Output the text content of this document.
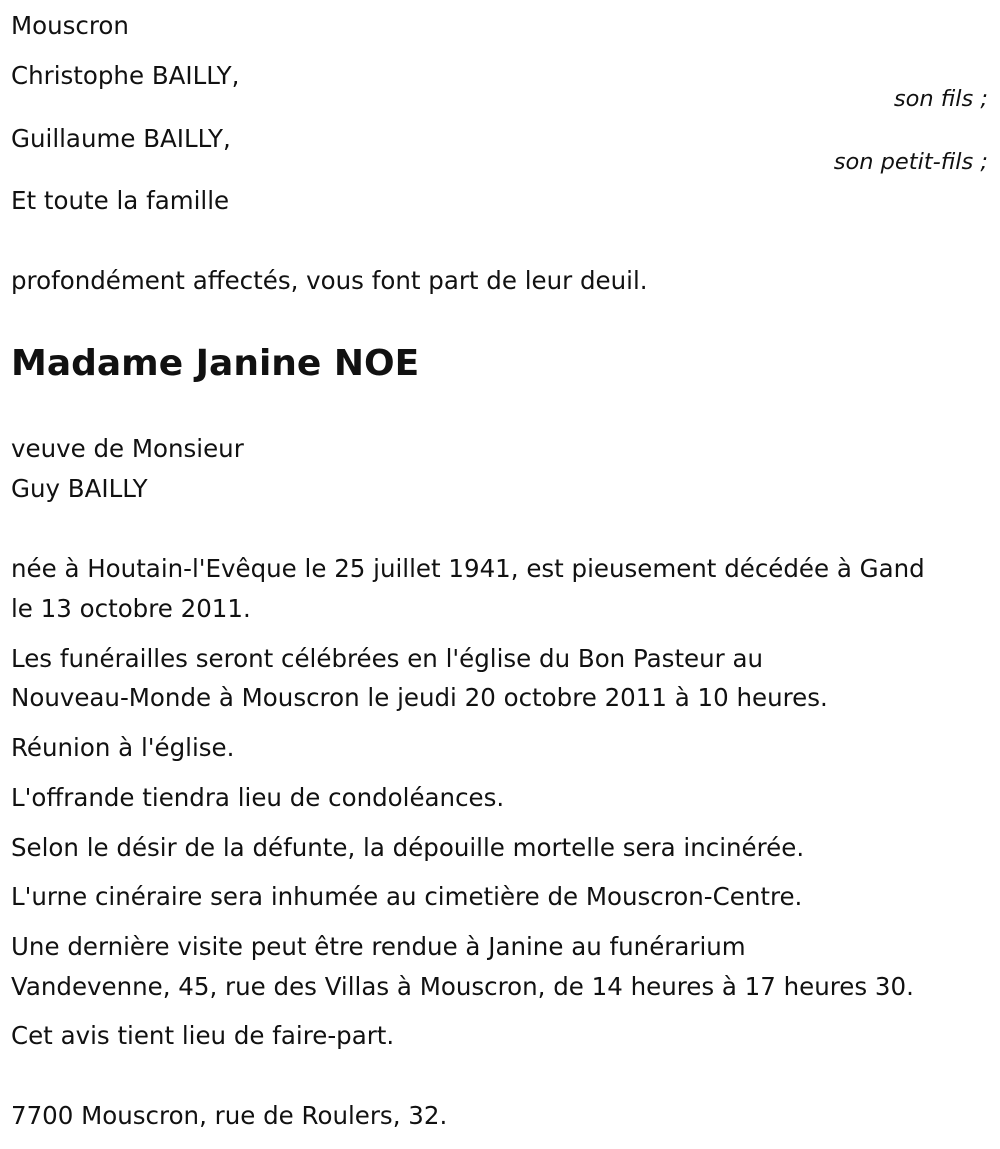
Mouscron

Christophe BAILLY,

son fils ;

Guillaume BAILLY,

son petit-fils ;

Et toute la famille

profondément affectés, vous font part de leur deuil.

Madame Janine NOE

veuve de Monsieur

Guy BAILLY

née à Houtain-l'Evêque le 25 juillet 1941, est pieusement décédée à Gand

le 13 octobre 2011.

Les funérailles seront célébrées en l'église du Bon Pasteur au

Nouveau-Monde à Mouscron le jeudi 20 octobre 2011 à 10 heures.

Réunion à l'église.

L'offrande tiendra lieu de condoléances.

Selon le désir de la défunte, la dépouille mortelle sera incinérée.

L'urne cinéraire sera inhumée au cimetière de Mouscron-Centre.

Une dernière visite peut être rendue à Janine au funérarium

Vandevenne, 45, rue des Villas à Mouscron, de 14 heures à 17 heures 30.

Cet avis tient lieu de faire-part.

7700 Mouscron, rue de Roulers, 32.
